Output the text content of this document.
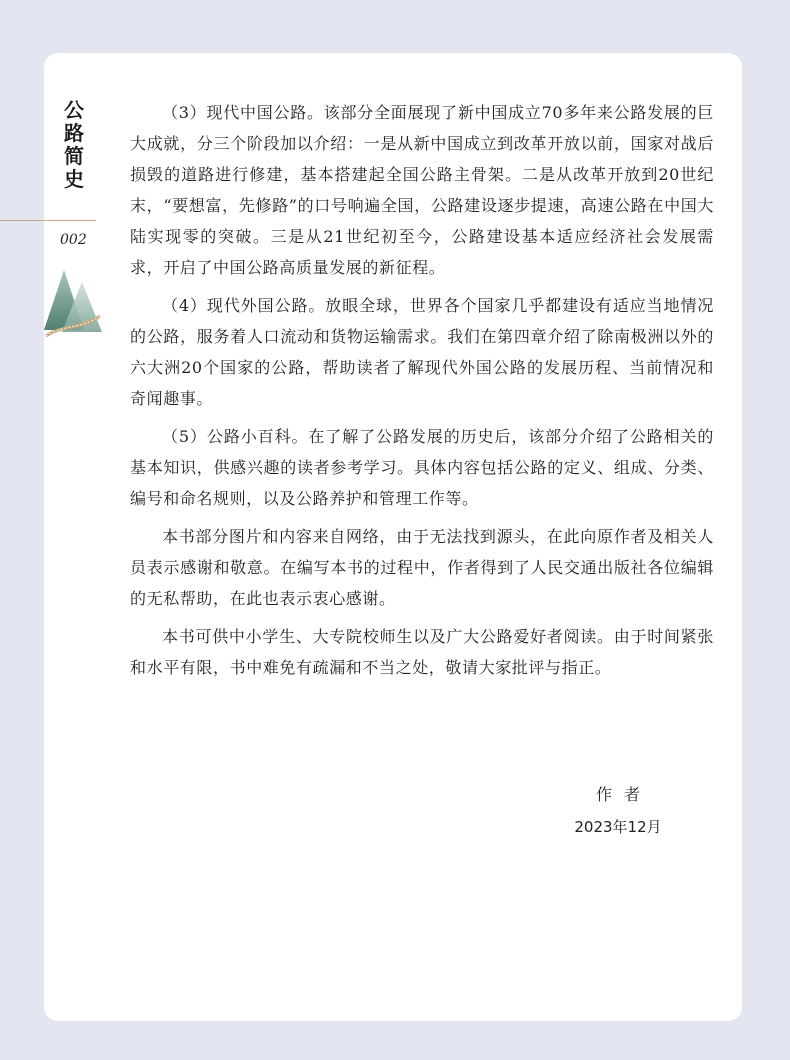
公路简史
002

（3）现代中国公路。该部分全面展现了新中国成立70多年来公路发展的巨大成就，分三个阶段加以介绍：一是从新中国成立到改革开放以前，国家对战后损毁的道路进行修建，基本搭建起全国公路主骨架。二是从改革开放到20世纪末，“要想富，先修路”的口号响遍全国，公路建设逐步提速，高速公路在中国大陆实现零的突破。三是从21世纪初至今，公路建设基本适应经济社会发展需求，开启了中国公路高质量发展的新征程。

（4）现代外国公路。放眼全球，世界各个国家几乎都建设有适应当地情况的公路，服务着人口流动和货物运输需求。我们在第四章介绍了除南极洲以外的六大洲20个国家的公路，帮助读者了解现代外国公路的发展历程、当前情况和奇闻趣事。

（5）公路小百科。在了解了公路发展的历史后，该部分介绍了公路相关的基本知识，供感兴趣的读者参考学习。具体内容包括公路的定义、组成、分类、编号和命名规则，以及公路养护和管理工作等。

本书部分图片和内容来自网络，由于无法找到源头，在此向原作者及相关人员表示感谢和敬意。在编写本书的过程中，作者得到了人民交通出版社各位编辑的无私帮助，在此也表示衷心感谢。

本书可供中小学生、大专院校师生以及广大公路爱好者阅读。由于时间紧张和水平有限，书中难免有疏漏和不当之处，敬请大家批评与指正。

作者
2023年12月
